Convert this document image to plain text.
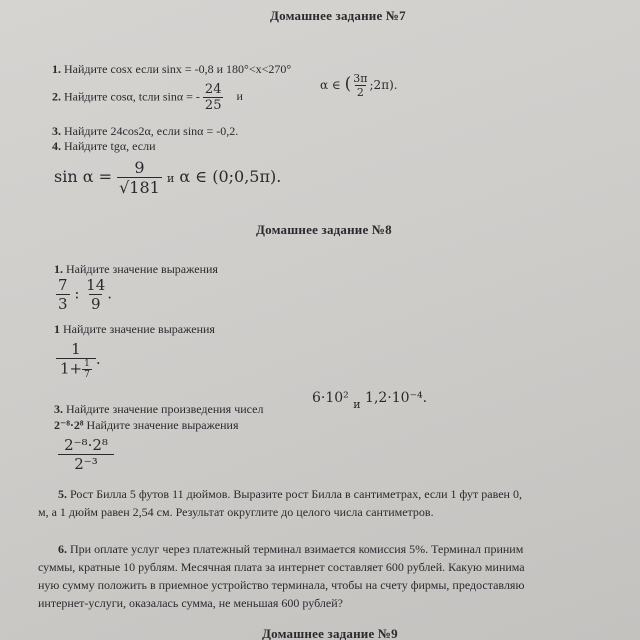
Домашнее задание №7
1. Найдите cosx если sinx = -0,8 и 180°<x<270°
2. Найдите cosα, tсли sinα = - $\frac{24}{25}$ и
α ∈ ( $\frac{3\pi}{2}$ ;2π).
3. Найдите 24cos2α, если sinα = -0,2.
4. Найдите tgα, если
$\sin \alpha = \frac{9}{√181}$ и α ∈ (0;0,5π).
Домашнее задание №8
1. Найдите значение выражения
$\frac{7}{3}$ : $\frac{14}{9}$ .
1 Найдите значение выражения
$\frac{1}{1+ \frac{1}{7}}$ .
3. Найдите значение произведения чисел
6·10² $_и$ 1,2·10⁻⁴.
2⁻⁸·2⁸ Найдите значение выражения
$\frac{\text{2⁻⁸·2⁸}}{\text{2⁻³}}$
5. Рост Билла 5 футов 11 дюймов. Выразите рост Билла в сантиметрах, если 1 фут равен 0,
м, а 1 дюйм равен 2,54 см. Результат округлите до целого числа сантиметров.
6. При оплате услуг через платежный терминал взимается комиссия 5%. Терминал приним
суммы, кратные 10 рублям. Месячная плата за интернет составляет 600 рублей. Какую минима
ную сумму положить в приемное устройство терминала, чтобы на счету фирмы, предоставляю
интернет-услуги, оказалась сумма, не меньшая 600 рублей?
Домашнее задание №9
